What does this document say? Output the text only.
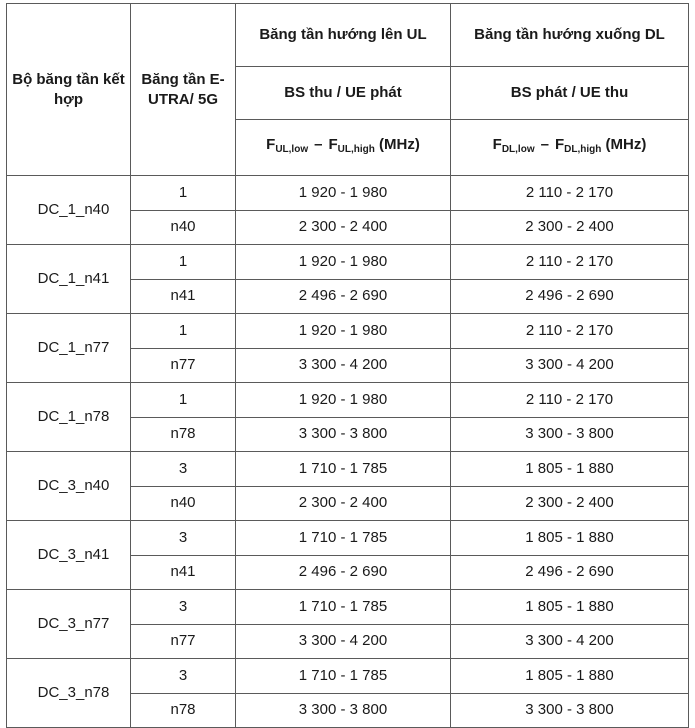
Bộ băng tần kết hợp	Băng tần E-UTRA/ 5G	Băng tần hướng lên UL	Băng tần hướng xuống DL
		BS thu / UE phát	BS phát / UE thu
		$F_{UL,low} - F_{UL,high}$ (MHz)	$F_{DL,low} - F_{DL,high}$ (MHz)
DC_1_n40	1	1 920 - 1 980	2 110 - 2 170
	n40	2 300 - 2 400	2 300 - 2 400
DC_1_n41	1	1 920 - 1 980	2 110 - 2 170
	n41	2 496 - 2 690	2 496 - 2 690
DC_1_n77	1	1 920 - 1 980	2 110 - 2 170
	n77	3 300 - 4 200	3 300 - 4 200
DC_1_n78	1	1 920 - 1 980	2 110 - 2 170
	n78	3 300 - 3 800	3 300 - 3 800
DC_3_n40	3	1 710 - 1 785	1 805 - 1 880
	n40	2 300 - 2 400	2 300 - 2 400
DC_3_n41	3	1 710 - 1 785	1 805 - 1 880
	n41	2 496 - 2 690	2 496 - 2 690
DC_3_n77	3	1 710 - 1 785	1 805 - 1 880
	n77	3 300 - 4 200	3 300 - 4 200
DC_3_n78	3	1 710 - 1 785	1 805 - 1 880
	n78	3 300 - 3 800	3 300 - 3 800
